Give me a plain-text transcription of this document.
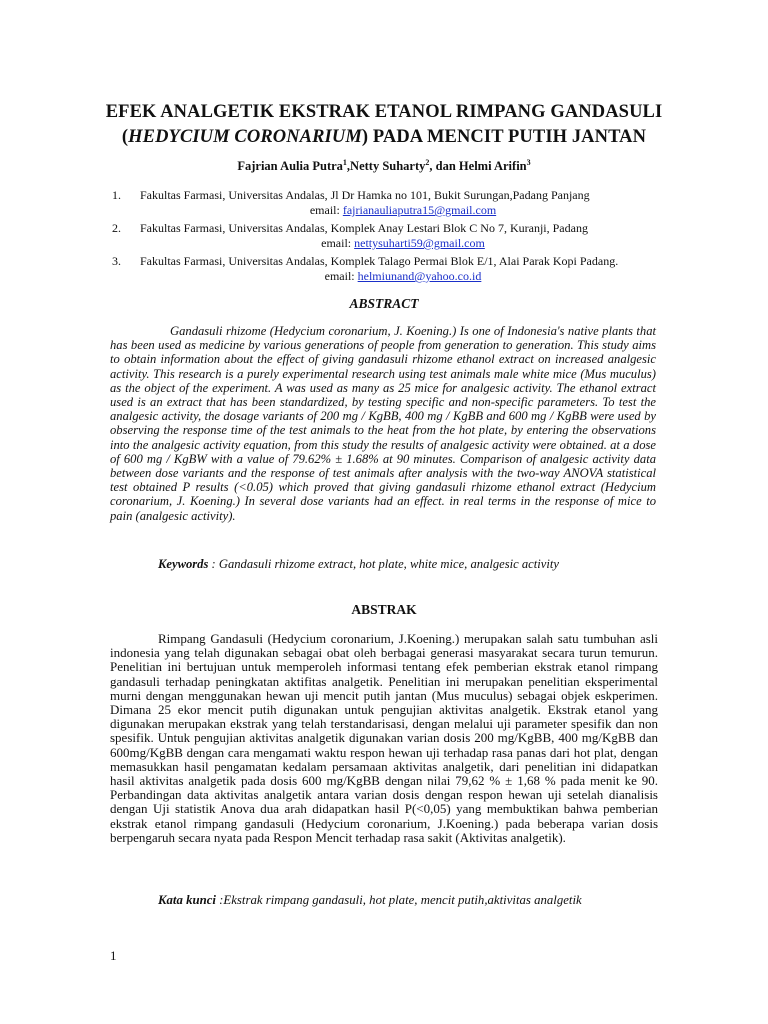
EFEK ANALGETIK EKSTRAK ETANOL RIMPANG GANDASULI
(HEDYCIUM CORONARIUM) PADA MENCIT PUTIH JANTAN
Fajrian Aulia Putra$^1$,Netty Suharty$^2$, dan Helmi Arifin$^3$
1.	Fakultas Farmasi, Universitas Andalas, Jl Dr Hamka no 101, Bukit Surungan,Padang Panjang
email: fajrianauliaputra15@gmail.com
2.	Fakultas Farmasi, Universitas Andalas, Komplek Anay Lestari Blok C No 7, Kuranji, Padang
email: nettysuharti59@gmail.com
3.	Fakultas Farmasi, Universitas Andalas, Komplek Talago Permai Blok E/1, Alai Parak Kopi Padang.
email: helmiunand@yahoo.co.id
ABSTRACT

Gandasuli rhizome (Hedycium coronarium, J. Koening.) Is one of Indonesia's native plants that has been used as medicine by various generations of people from generation to generation. This study aims to obtain information about the effect of giving gandasuli rhizome ethanol extract on increased analgesic activity. This research is a purely experimental research using test animals male white mice (Mus muculus) as the object of the experiment. A was used as many as 25 mice for analgesic activity. The ethanol extract used is an extract that has been standardized, by testing specific and non-specific parameters. To test the analgesic activity, the dosage variants of 200 mg / KgBB, 400 mg / KgBB and 600 mg / KgBB were used by observing the response time of the test animals to the heat from the hot plate, by entering the observations into the analgesic activity equation, from this study the results of analgesic activity were obtained. at a dose of 600 mg / KgBW with a value of 79.62% ± 1.68% at 90 minutes. Comparison of analgesic activity data between dose variants and the response of test animals after analysis with the two-way ANOVA statistical test obtained P results (<0.05) which proved that giving gandasuli rhizome ethanol extract (Hedycium coronarium, J. Koening.) In several dose variants had an effect. in real terms in the response of mice to pain (analgesic activity).

Keywords : Gandasuli rhizome extract, hot plate, white mice, analgesic activity
ABSTRAK

Rimpang Gandasuli (Hedycium coronarium, J.Koening.) merupakan salah satu tumbuhan asli indonesia yang telah digunakan sebagai obat oleh berbagai generasi masyarakat secara turun temurun. Penelitian ini bertujuan untuk memperoleh informasi tentang efek pemberian ekstrak etanol rimpang gandasuli terhadap peningkatan aktifitas analgetik. Penelitian ini merupakan penelitian eksperimental murni dengan menggunakan hewan uji mencit putih jantan (Mus muculus) sebagai objek eskperimen. Dimana 25 ekor mencit putih digunakan untuk pengujian aktivitas analgetik. Ekstrak etanol yang digunakan merupakan ekstrak yang telah terstandarisasi, dengan melalui uji parameter spesifik dan non spesifik. Untuk pengujian aktivitas analgetik digunakan varian dosis 200 mg/KgBB, 400 mg/KgBB dan 600mg/KgBB dengan cara mengamati waktu respon hewan uji terhadap rasa panas dari hot plat, dengan memasukkan hasil pengamatan kedalam persamaan aktivitas analgetik, dari penelitian ini didapatkan hasil aktivitas analgetik pada dosis 600 mg/KgBB dengan nilai 79,62 % ± 1,68 % pada menit ke 90. Perbandingan data aktivitas analgetik antara varian dosis dengan respon hewan uji setelah dianalisis dengan Uji statistik Anova dua arah didapatkan hasil P(<0,05) yang membuktikan bahwa pemberian ekstrak etanol rimpang gandasuli (Hedycium coronarium, J.Koening.) pada beberapa varian dosis berpengaruh secara nyata pada Respon Mencit terhadap rasa sakit (Aktivitas analgetik).

Kata kunci :Ekstrak rimpang gandasuli, hot plate, mencit putih,aktivitas analgetik
1
